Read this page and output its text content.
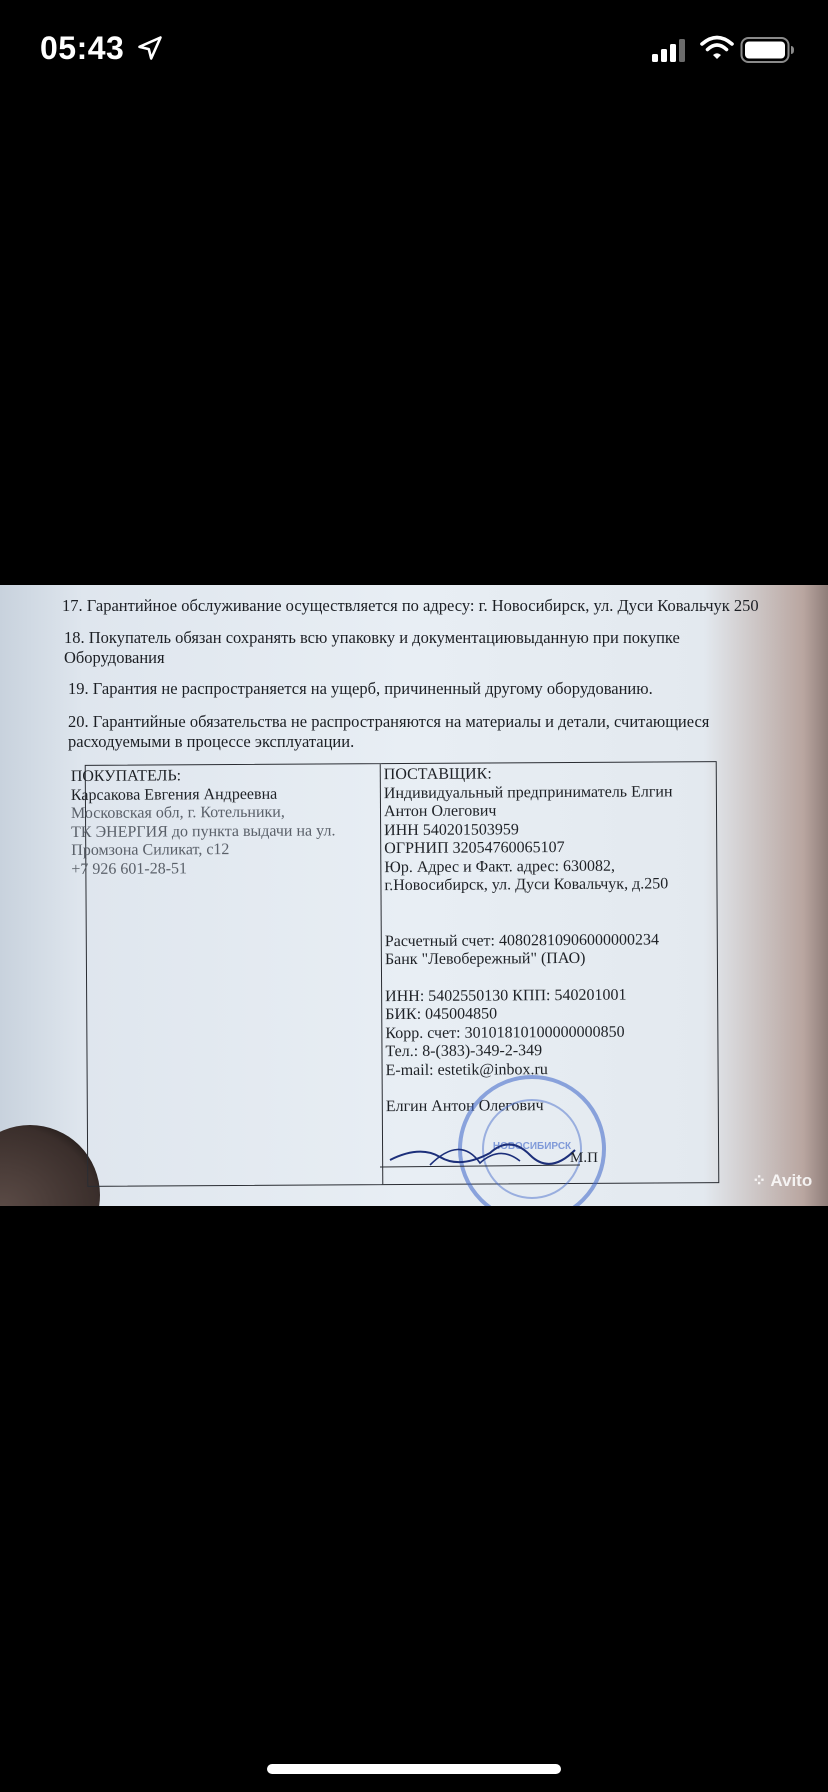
05:43
17. Гарантийное обслуживание осуществляется по адресу: г. Новосибирск, ул. Дуси Ковальчук 250
18. Покупатель обязан сохранять всю упаковку и документациювыданную при покупке
Оборудования
19. Гарантия не распространяется на ущерб, причиненный другому оборудованию.
20. Гарантийные обязательства не распространяются на материалы и детали, считающиеся
расходуемыми в процессе эксплуатации.
ПОКУПАТЕЛЬ:
Карсакова Евгения Андреевна
Московская обл, г. Котельники,
ТК ЭНЕРГИЯ до пункта выдачи на ул.
Промзона Силикат, с12
+7 926 601-28-51
ПОСТАВЩИК:
Индивидуальный предприниматель Елгин
Антон Олегович
ИНН 540201503959
ОГРНИП 32054760065107
Юр. Адрес и Факт. адрес: 630082,
г.Новосибирск, ул. Дуси Ковальчук, д.250
Расчетный счет: 40802810906000000234
Банк "Левобережный" (ПАО)
ИНН: 5402550130 КПП: 540201001
БИК: 045004850
Корр. счет: 30101810100000000850
Тел.: 8-(383)-349-2-349
E-mail: estetik@inbox.ru
Елгин Антон Олегович
НОВОСИБИРСК
М.П
⁘ Avito
